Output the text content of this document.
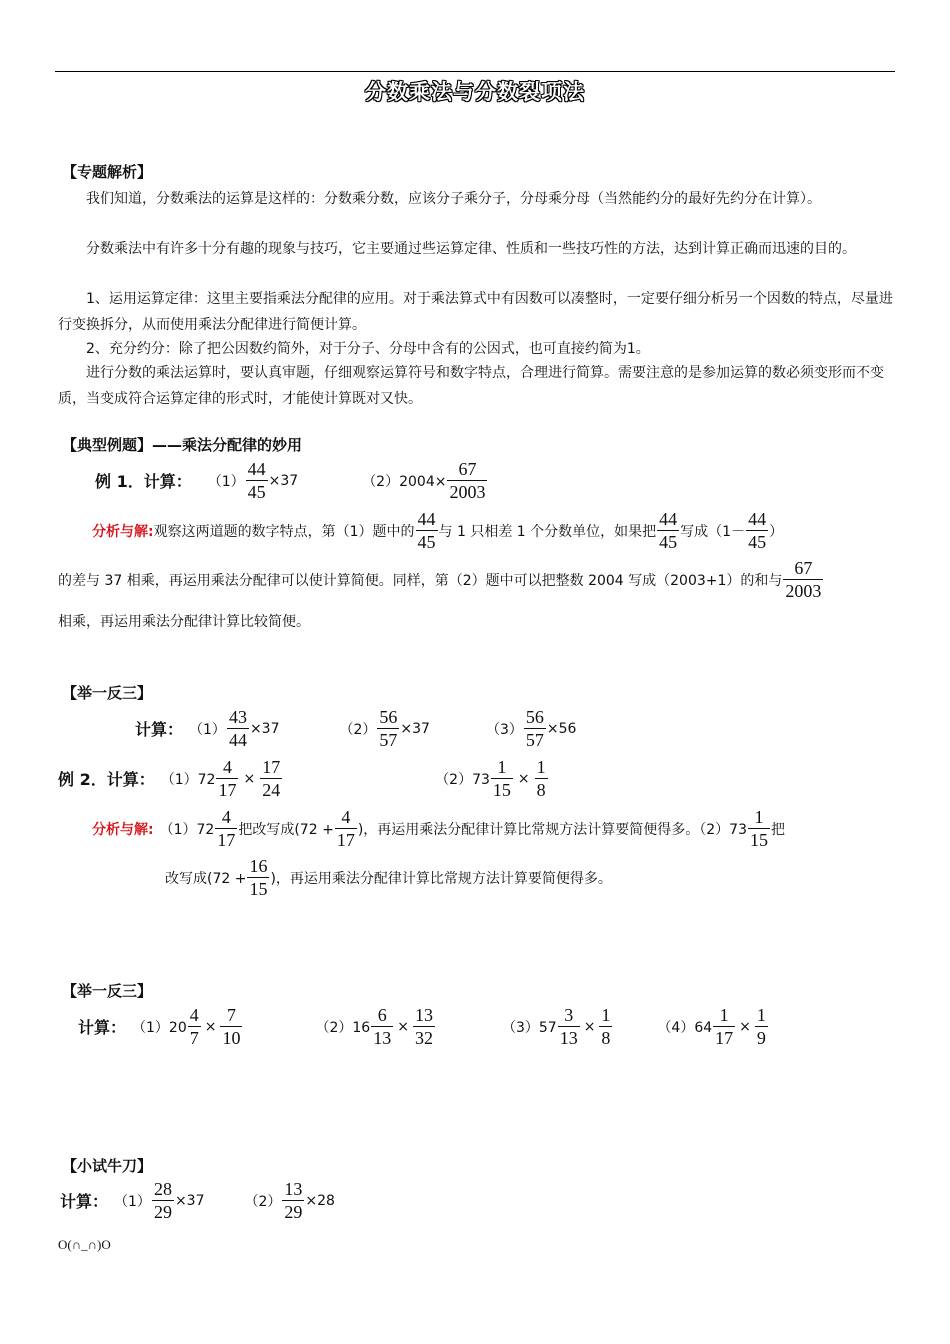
分数乘法与分数裂项法
【专题解析】

我们知道，分数乘法的运算是这样的：分数乘分数，应该分子乘分子，分母乘分母（当然能约分的最好先约分在计算）。

分数乘法中有许多十分有趣的现象与技巧，它主要通过些运算定律、性质和一些技巧性的方法，达到计算正确而迅速的目的。

1、运用运算定律：这里主要指乘法分配律的应用。对于乘法算式中有因数可以凑整时，一定要仔细分析另一个因数的特点，尽量进行变换拆分，从而使用乘法分配律进行简便计算。

2、充分约分：除了把公因数约简外，对于分子、分母中含有的公因式，也可直接约简为1。

进行分数的乘法运算时，要认真审题，仔细观察运算符号和数字特点，合理进行简算。需要注意的是参加运算的数必须变形而不变质，当变成符合运算定律的形式时，才能使计算既对又快。

【典型例题】——乘法分配律的妙用
例 1．计算： $(1) \frac{44}{45} \times 37$	$(2)2004\times \frac{67}{2003}$
分析与解: 观察这两道题的数字特点，第（1）题中的 $\frac{44}{45}$ 与 1 只相差 1 个分数单位，如果把 $\frac{44}{45}$ 写成（$1- \frac{44}{45}$ ）
的差与 37 相乘，再运用乘法分配律可以使计算简便。同样，第（2）题中可以把整数 2004 写成（2003+1）的和与 $\frac{67}{2003}$
相乘，再运用乘法分配律计算比较简便。
【举一反三】
计算： $(1) \frac{43}{44} \times 37$	$(2) \frac{56}{57} \times 37$	$(3) \frac{56}{57} \times 56$
例 2．计算： $(1)72 \frac{4}{17} \times \frac{17}{24}$	$(2)73 \frac{1}{15} \times \frac{1}{8}$
分析与解: $(1)72 \frac{4}{17}$ 把改写成($72 + \frac{4}{17}$ )，再运用乘法分配律计算比常规方法计算要简便得多。$(2)73 \frac{1}{15}$ 把
改写成($72 + \frac{16}{15}$ )，再运用乘法分配律计算比常规方法计算要简便得多。
【举一反三】
计算： $(1)20 \frac{4}{7} \times \frac{7}{10}$	$(2)16 \frac{6}{13} \times \frac{13}{32}$	$(3)57 \frac{3}{13} \times \frac{1}{8}$	$(4)64 \frac{1}{17} \times \frac{1}{9}$
【小试牛刀】
计算： $(1) \frac{28}{29} \times 37$	$(2) \frac{13}{29} \times 28$
O(∩_∩)O
